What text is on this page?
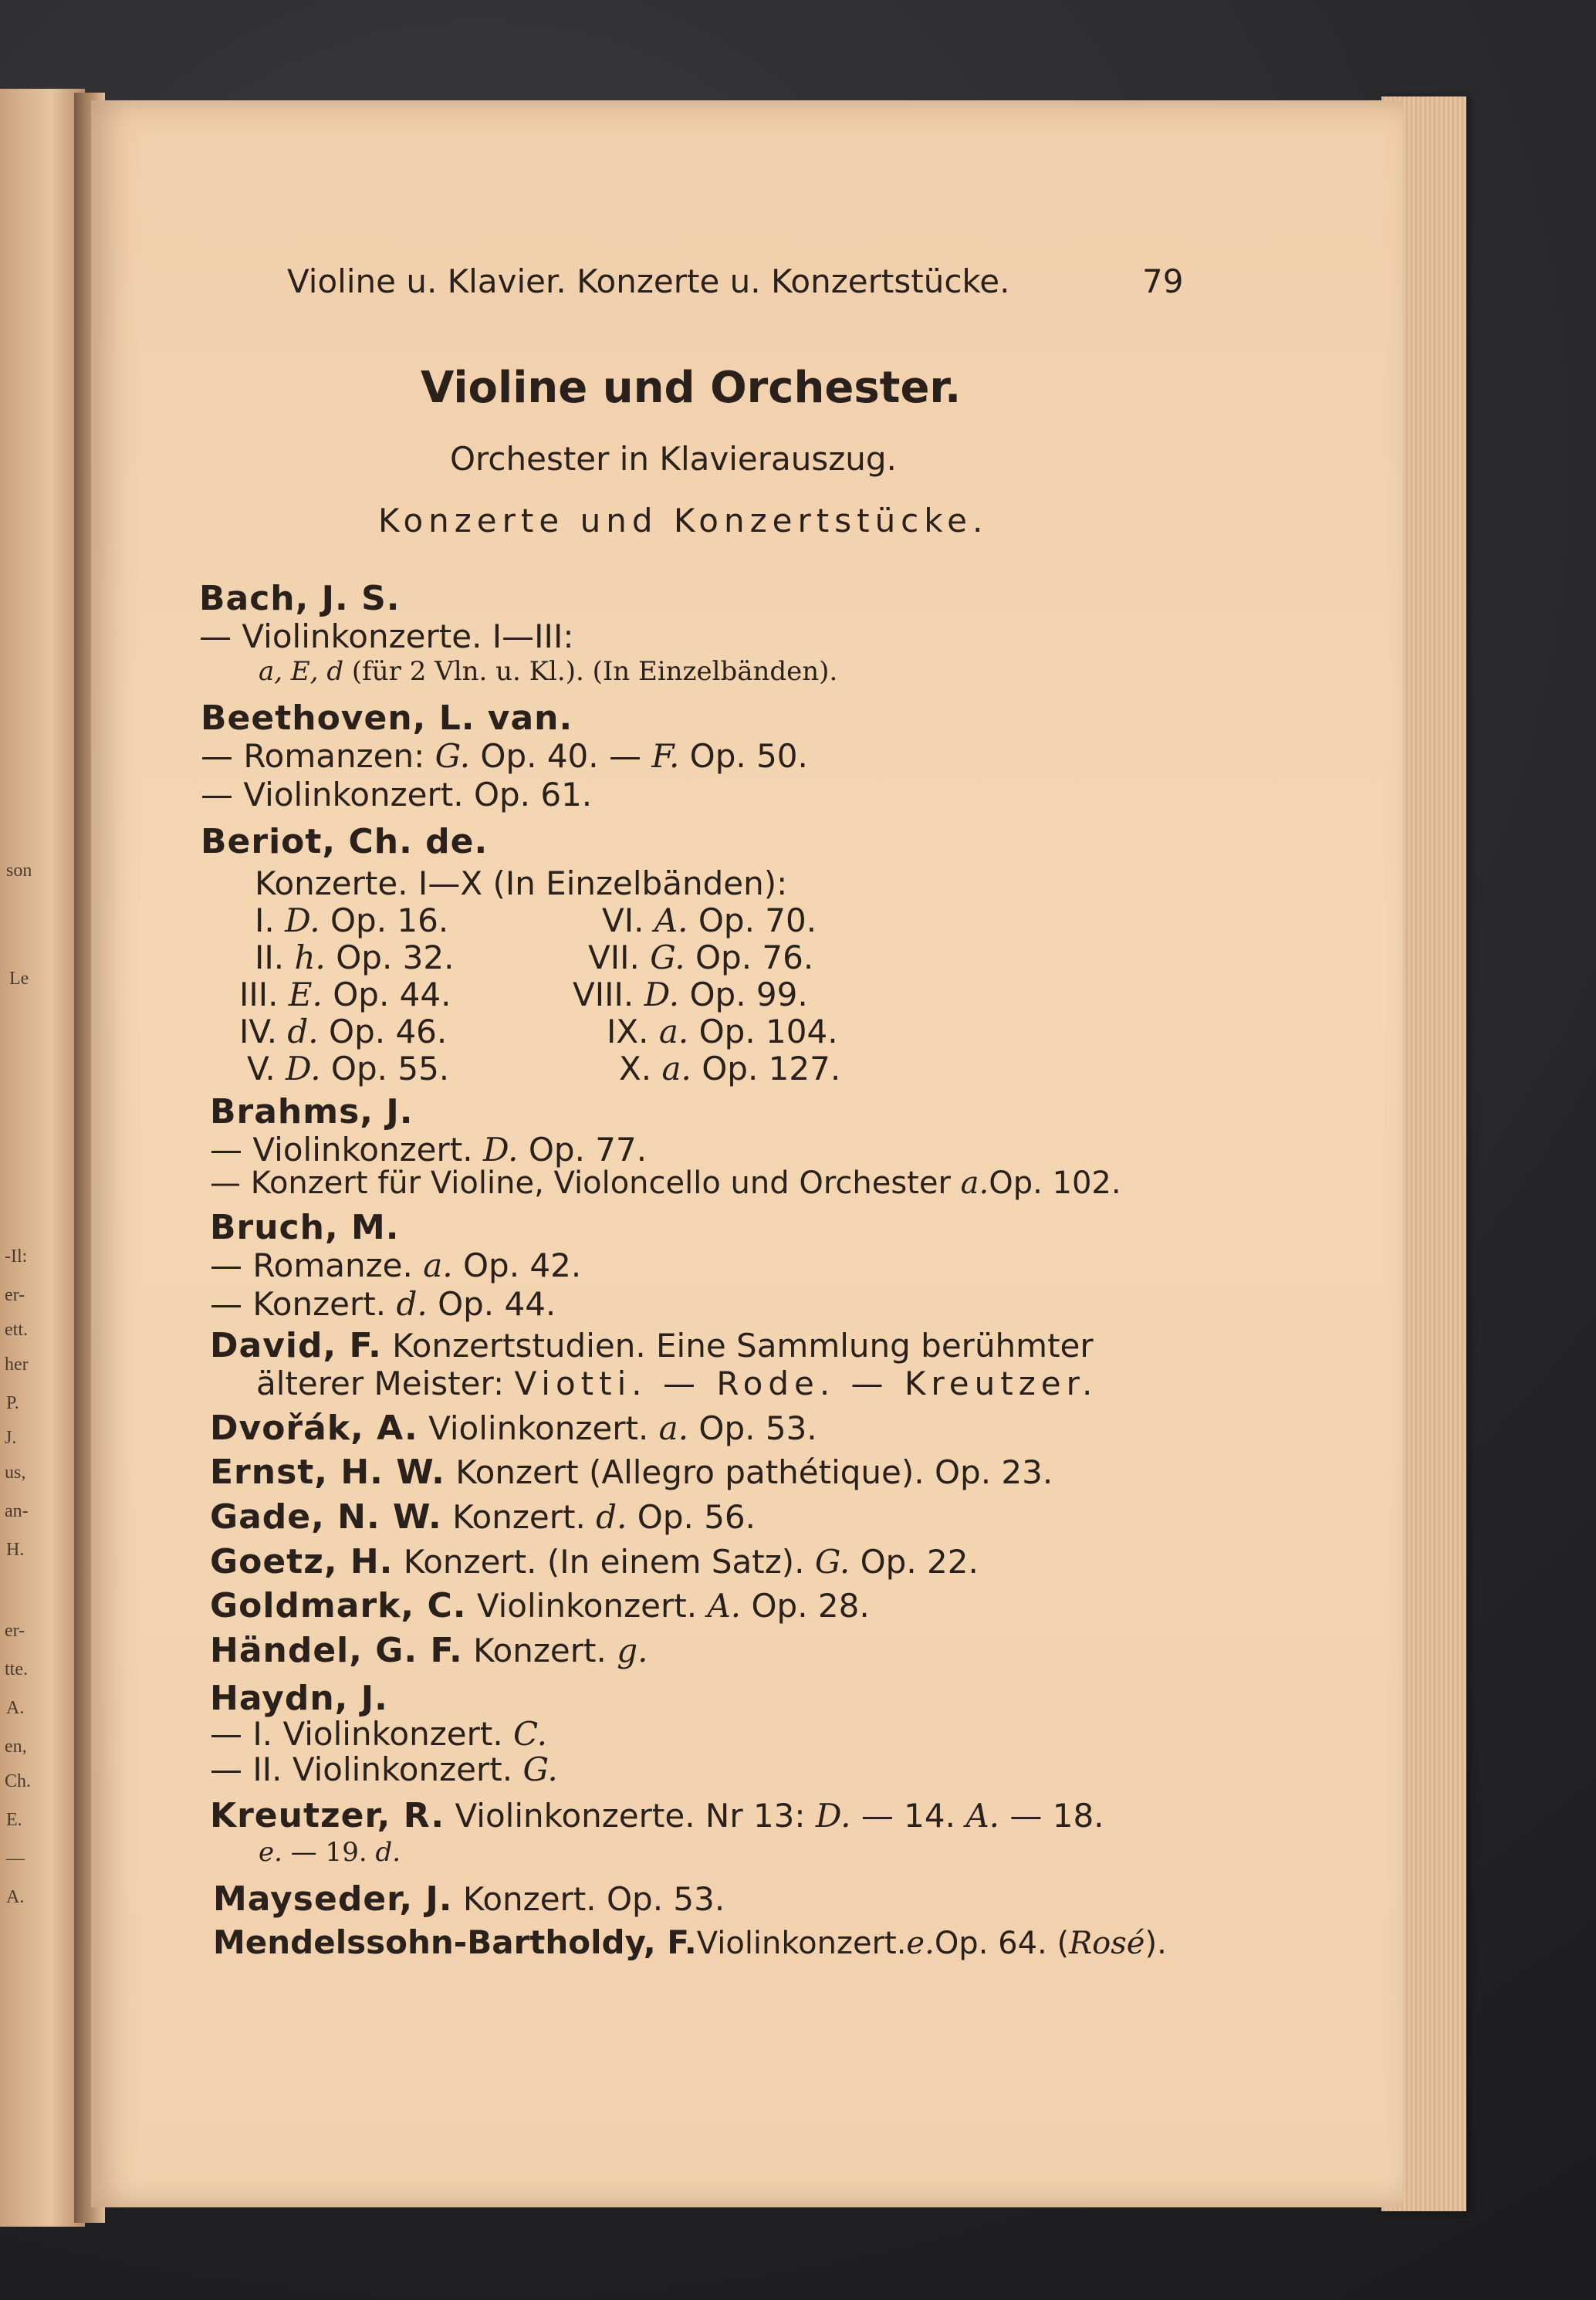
son
Le
-Il:
er-
ett.
her
P.
J.
us,
an-
H.
er-
tte.
A.
en,
Ch.
E.
—
A.
Violine u. Klavier. Konzerte u. Konzertstücke.	79
Violine und Orchester.
Orchester in Klavierauszug.
Konzerte und Konzertstücke.
Bach, J. S.
— Violinkonzerte. I—III:
a, E, d (für 2 Vln. u. Kl.). (In Einzelbänden).
Beethoven, L. van.
— Romanzen: G. Op. 40. — F. Op. 50.
— Violinkonzert. Op. 61.
Beriot, Ch. de.
Konzerte. I—X (In Einzelbänden):
I. D. Op. 16.
II. h. Op. 32.
III. E. Op. 44.
IV. d. Op. 46.
V. D. Op. 55.
VI. A. Op. 70.
VII. G. Op. 76.
VIII. D. Op. 99.
IX. a. Op. 104.
X. a. Op. 127.
Brahms, J.
— Violinkonzert. D. Op. 77.
— Konzert für Violine, Violoncello und Orchester a.Op. 102.
Bruch, M.
— Romanze. a. Op. 42.
— Konzert. d. Op. 44.
David, F. Konzertstudien. Eine Sammlung berühmter
älterer Meister: Viotti. — Rode. — Kreutzer.
Dvořák, A. Violinkonzert. a. Op. 53.
Ernst, H. W. Konzert (Allegro pathétique). Op. 23.
Gade, N. W. Konzert. d. Op. 56.
Goetz, H. Konzert. (In einem Satz). G. Op. 22.
Goldmark, C. Violinkonzert. A. Op. 28.
Händel, G. F. Konzert. g.
Haydn, J.
— I. Violinkonzert. C.
— II. Violinkonzert. G.
Kreutzer, R. Violinkonzerte. Nr 13: D. — 14. A. — 18.
e. — 19. d.
Mayseder, J. Konzert. Op. 53.
Mendelssohn-Bartholdy, F.Violinkonzert.e.Op. 64. (Rosé).
